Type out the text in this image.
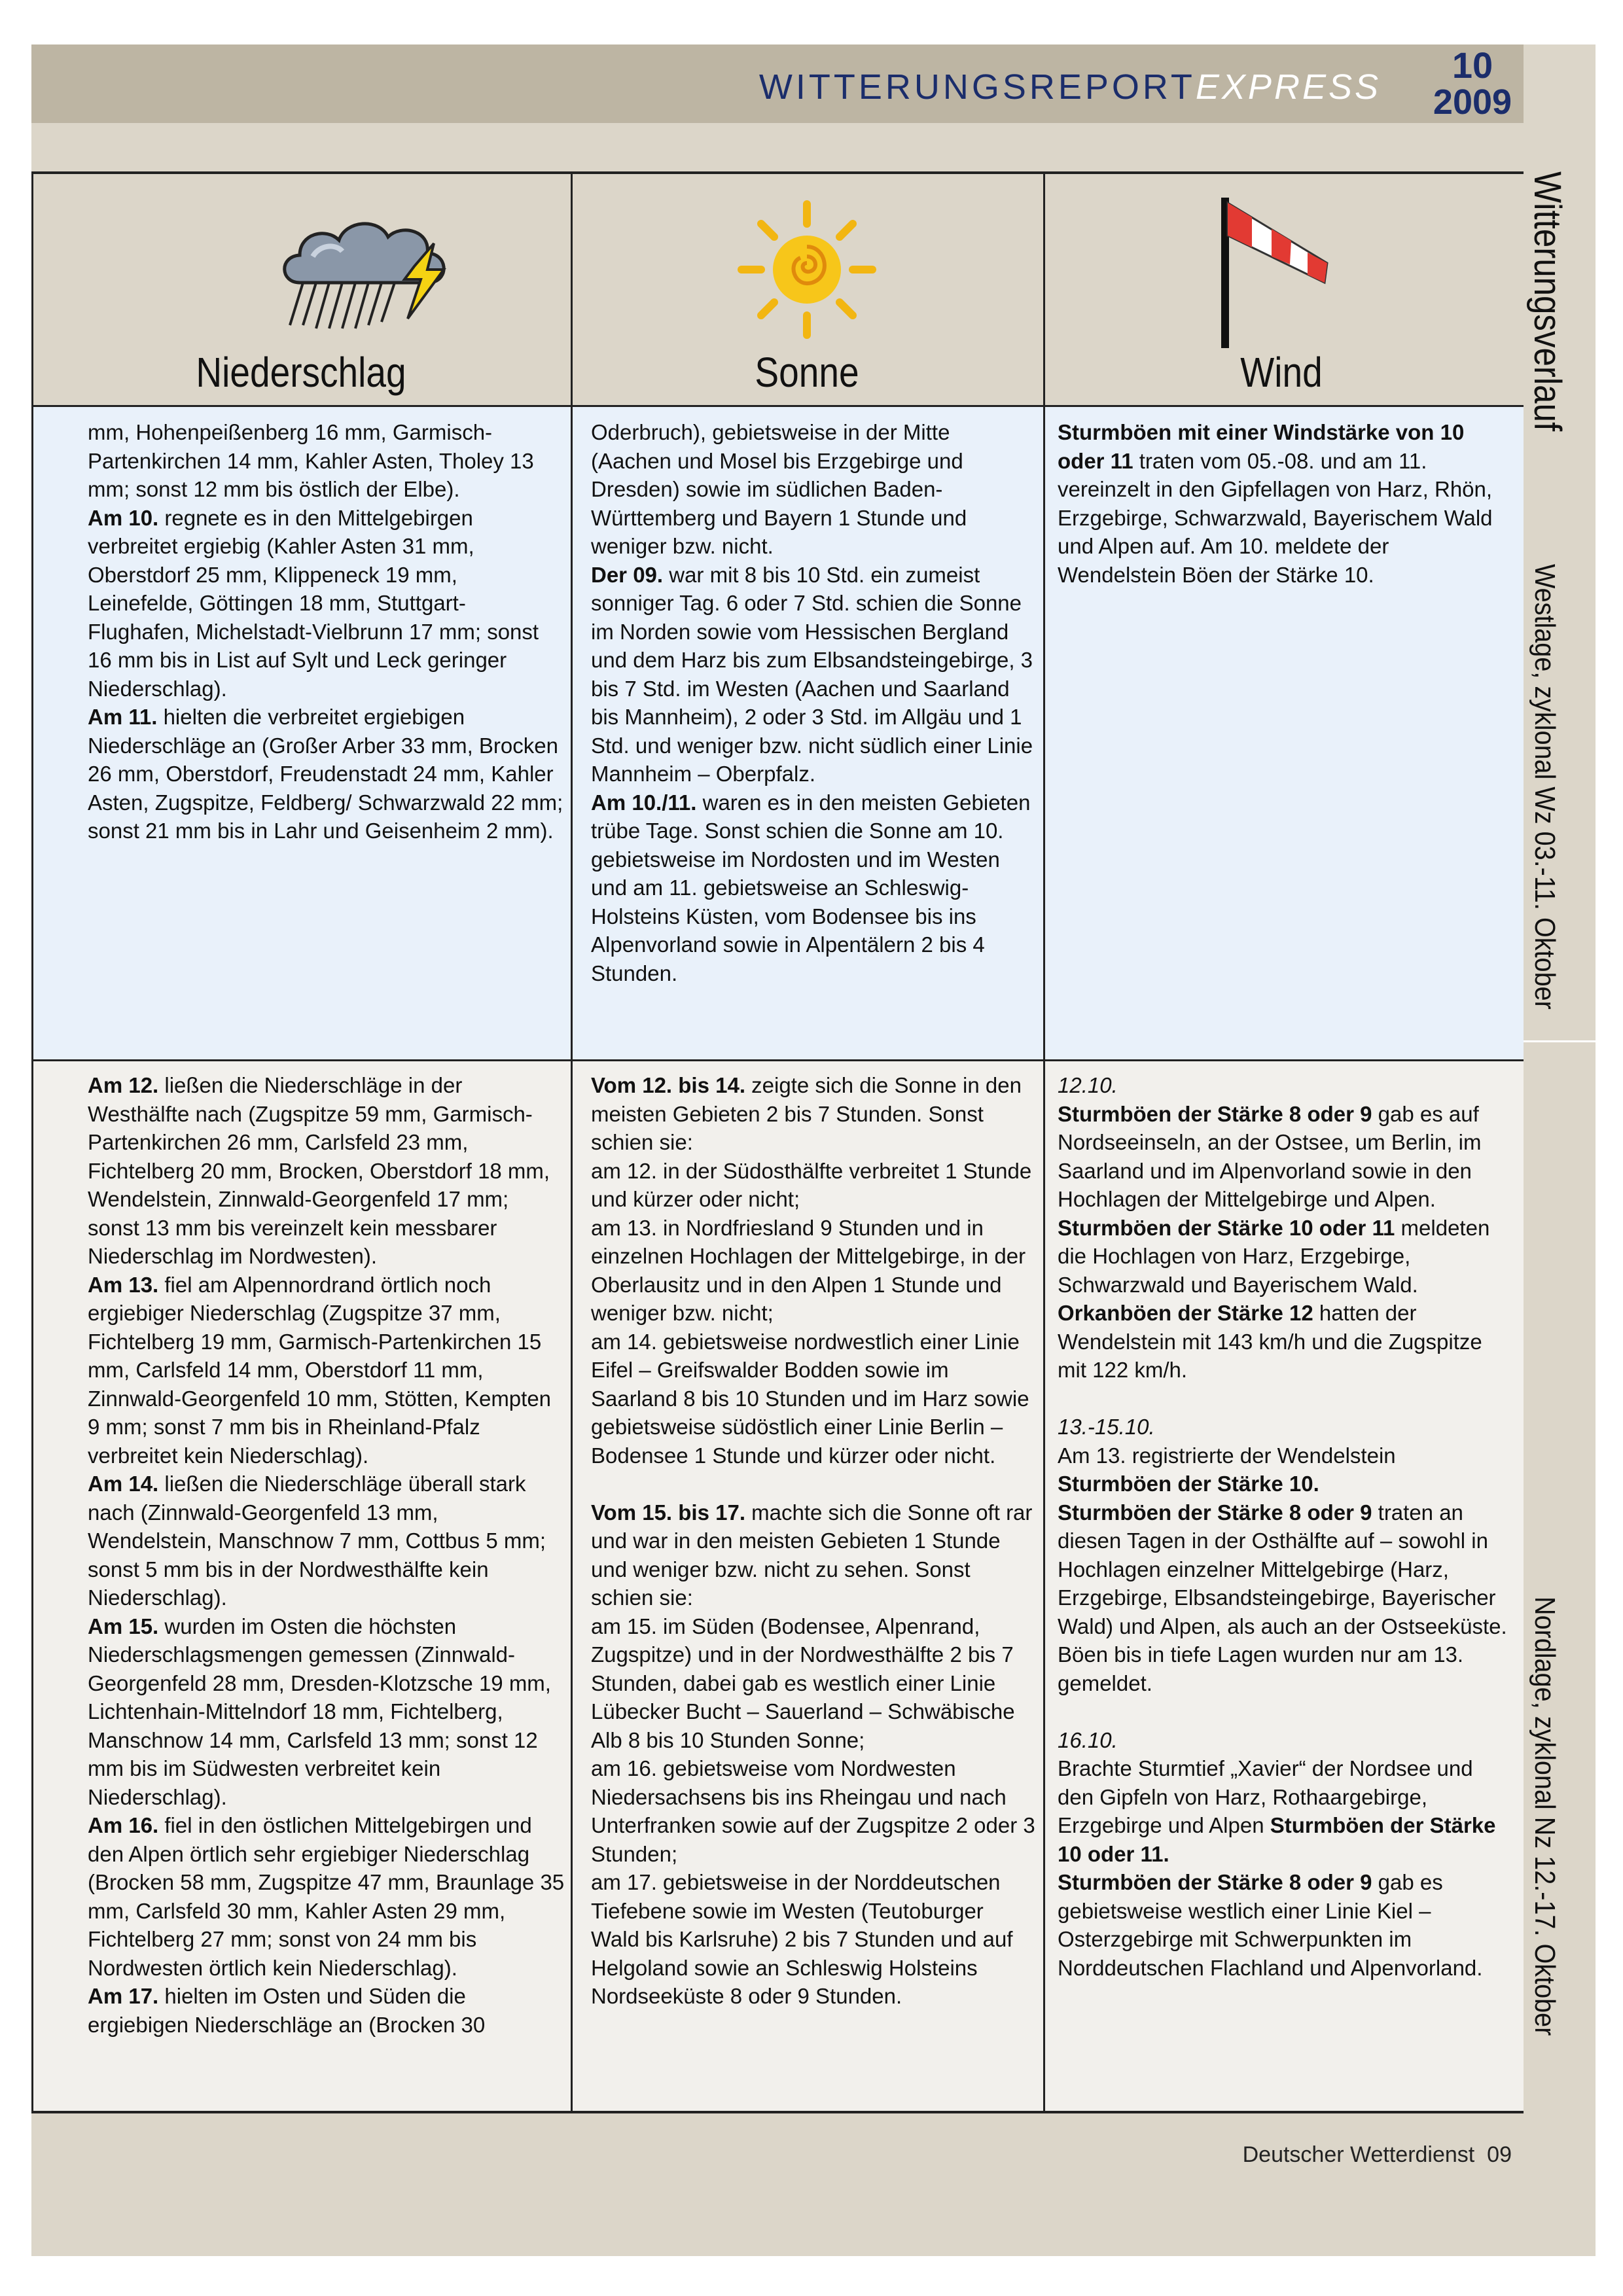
WITTERUNGSREPORTEXPRESS
10
2009
Niederschlag	Sonne	Wind

mm, Hohenpeißenberg 16 mm, Garmisch-Partenkirchen 14 mm, Kahler Asten, Tholey 13 mm; sonst 12 mm bis östlich der Elbe).

Am 10. regnete es in den Mittelgebirgen verbreitet ergiebig (Kahler Asten 31 mm, Oberstdorf 25 mm, Klippeneck 19 mm, Leinefelde, Göttingen 18 mm, Stuttgart-Flughafen, Michelstadt-Vielbrunn 17 mm; sonst 16 mm bis in List auf Sylt und Leck geringer Niederschlag).

Am 11. hielten die verbreitet ergiebigen Niederschläge an (Großer Arber 33 mm, Brocken 26 mm, Oberstdorf, Freudenstadt 24 mm, Kahler Asten, Zugspitze, Feldberg/ Schwarzwald 22 mm; sonst 21 mm bis in Lahr und Geisenheim 2 mm).

Oderbruch), gebietsweise in der Mitte (Aachen und Mosel bis Erzgebirge und Dresden) sowie im südlichen Baden-Württemberg und Bayern 1 Stunde und weniger bzw. nicht.

Der 09. war mit 8 bis 10 Std. ein zumeist sonniger Tag. 6 oder 7 Std. schien die Sonne im Norden sowie vom Hessischen Bergland und dem Harz bis zum Elbsandsteingebirge, 3 bis 7 Std. im Westen (Aachen und Saarland bis Mannheim), 2 oder 3 Std. im Allgäu und 1 Std. und weniger bzw. nicht südlich einer Linie Mannheim – Oberpfalz.

Am 10./11. waren es in den meisten Gebieten trübe Tage. Sonst schien die Sonne am 10. gebietsweise im Nordosten und im Westen und am 11. gebietsweise an Schleswig-Holsteins Küsten, vom Bodensee bis ins Alpenvorland sowie in Alpentälern 2 bis 4 Stunden.

Sturmböen mit einer Windstärke von 10 oder 11 traten vom 05.-08. und am 11. vereinzelt in den Gipfellagen von Harz, Rhön, Erzgebirge, Schwarzwald, Bayerischem Wald und Alpen auf. Am 10. meldete der Wendelstein Böen der Stärke 10.

Am 12. ließen die Niederschläge in der Westhälfte nach (Zugspitze 59 mm, Garmisch-Partenkirchen 26 mm, Carlsfeld 23 mm, Fichtelberg 20 mm, Brocken, Oberstdorf 18 mm, Wendelstein, Zinnwald-Georgenfeld 17 mm; sonst 13 mm bis vereinzelt kein messbarer Niederschlag im Nordwesten).

Am 13. fiel am Alpennordrand örtlich noch ergiebiger Niederschlag (Zugspitze 37 mm, Fichtelberg 19 mm, Garmisch-Partenkirchen 15 mm, Carlsfeld 14 mm, Oberstdorf 11 mm, Zinnwald-Georgenfeld 10 mm, Stötten, Kempten 9 mm; sonst 7 mm bis in Rheinland-Pfalz verbreitet kein Niederschlag).

Am 14. ließen die Niederschläge überall stark nach (Zinnwald-Georgenfeld 13 mm, Wendelstein, Manschnow 7 mm, Cottbus 5 mm; sonst 5 mm bis in der Nordwesthälfte kein Niederschlag).

Am 15. wurden im Osten die höchsten Niederschlagsmengen gemessen (Zinnwald-Georgenfeld 28 mm, Dresden-Klotzsche 19 mm, Lichtenhain-Mittelndorf 18 mm, Fichtelberg, Manschnow 14 mm, Carlsfeld 13 mm; sonst 12 mm bis im Südwesten verbreitet kein Niederschlag).

Am 16. fiel in den östlichen Mittelgebirgen und den Alpen örtlich sehr ergiebiger Niederschlag (Brocken 58 mm, Zugspitze 47 mm, Braunlage 35 mm, Carlsfeld 30 mm, Kahler Asten 29 mm, Fichtelberg 27 mm; sonst von 24 mm bis Nordwesten örtlich kein Niederschlag).

Am 17. hielten im Osten und Süden die ergiebigen Niederschläge an (Brocken 30

Vom 12. bis 14. zeigte sich die Sonne in den meisten Gebieten 2 bis 7 Stunden. Sonst schien sie:

am 12. in der Südosthälfte verbreitet 1 Stunde und kürzer oder nicht;

am 13. in Nordfriesland 9 Stunden und in einzelnen Hochlagen der Mittelgebirge, in der Oberlausitz und in den Alpen 1 Stunde und weniger bzw. nicht;

am 14. gebietsweise nordwestlich einer Linie Eifel – Greifswalder Bodden sowie im Saarland 8 bis 10 Stunden und im Harz sowie gebietsweise südöstlich einer Linie Berlin – Bodensee 1 Stunde und kürzer oder nicht.

Vom 15. bis 17. machte sich die Sonne oft rar und war in den meisten Gebieten 1 Stunde und weniger bzw. nicht zu sehen. Sonst schien sie:

am 15. im Süden (Bodensee, Alpenrand, Zugspitze) und in der Nordwesthälfte 2 bis 7 Stunden, dabei gab es westlich einer Linie Lübecker Bucht – Sauerland – Schwäbische Alb 8 bis 10 Stunden Sonne;

am 16. gebietsweise vom Nordwesten Niedersachsens bis ins Rheingau und nach Unterfranken sowie auf der Zugspitze 2 oder 3 Stunden;

am 17. gebietsweise in der Norddeutschen Tiefebene sowie im Westen (Teutoburger Wald bis Karlsruhe) 2 bis 7 Stunden und auf Helgoland sowie an Schleswig Holsteins Nordseeküste 8 oder 9 Stunden.

12.10.

Sturmböen der Stärke 8 oder 9 gab es auf Nordseeinseln, an der Ostsee, um Berlin, im Saarland und im Alpenvorland sowie in den Hochlagen der Mittelgebirge und Alpen.

Sturmböen der Stärke 10 oder 11 meldeten die Hochlagen von Harz, Erzgebirge, Schwarzwald und Bayerischem Wald.

Orkanböen der Stärke 12 hatten der Wendelstein mit 143 km/h und die Zugspitze mit 122 km/h.

13.-15.10.

Am 13. registrierte der Wendelstein Sturmböen der Stärke 10.

Sturmböen der Stärke 8 oder 9 traten an diesen Tagen in der Osthälfte auf – sowohl in Hochlagen einzelner Mittelgebirge (Harz, Erzgebirge, Elbsandsteingebirge, Bayerischer Wald) und Alpen, als auch an der Ostseeküste. Böen bis in tiefe Lagen wurden nur am 13. gemeldet.

16.10.

Brachte Sturmtief „Xavier“ der Nordsee und den Gipfeln von Harz, Rothaargebirge, Erzgebirge und Alpen Sturmböen der Stärke 10 oder 11.

Sturmböen der Stärke 8 oder 9 gab es gebietsweise westlich einer Linie Kiel – Osterzgebirge mit Schwerpunkten im Norddeutschen Flachland und Alpenvorland.

Witterungsverlauf
Westlage, zyklonal Wz 03.-11. Oktober
Nordlage, zyklonal Nz 12.-17. Oktober
Deutscher Wetterdienst 09
